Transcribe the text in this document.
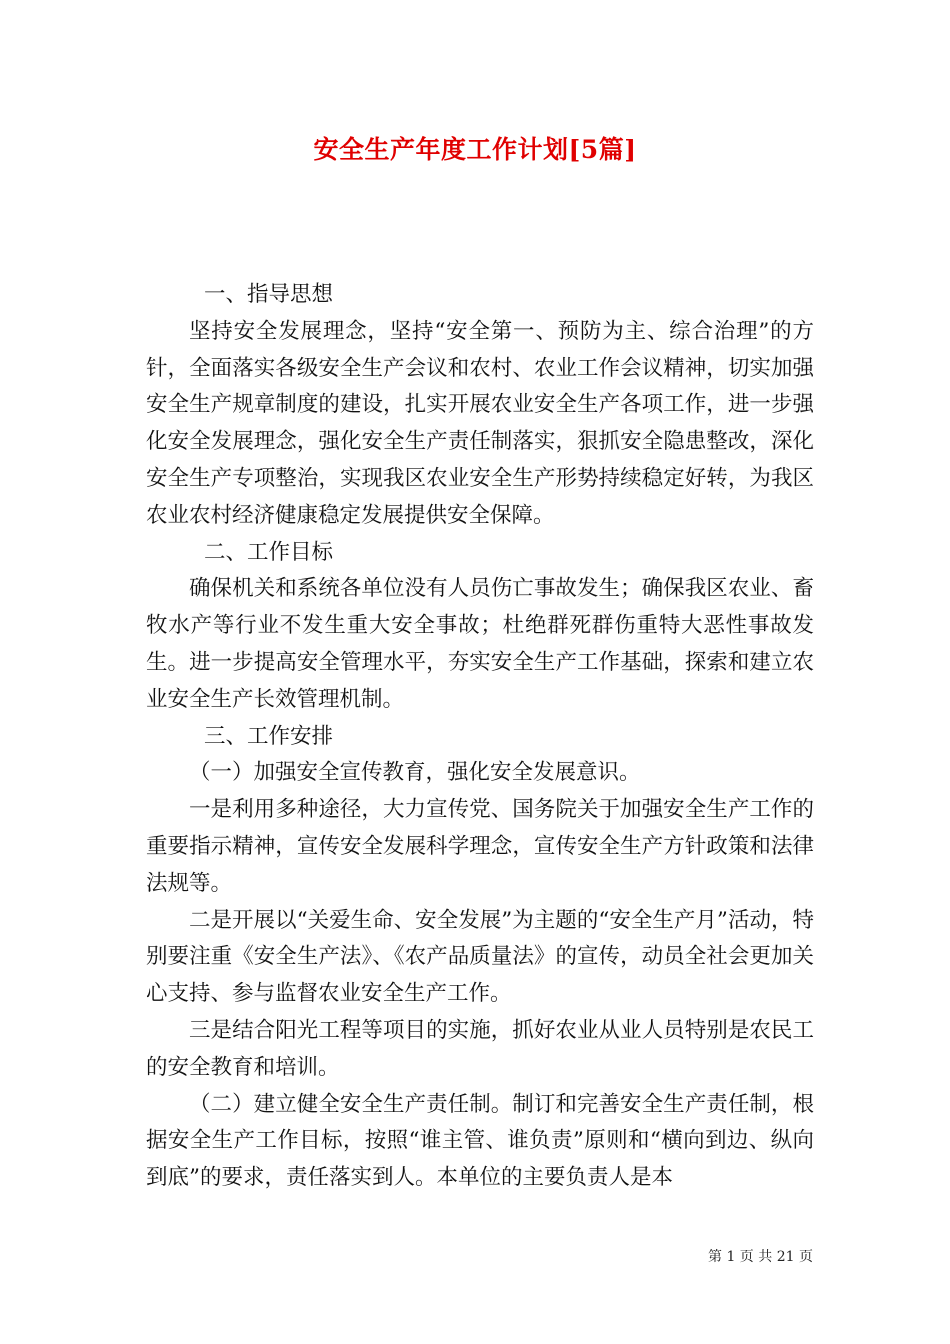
安全生产年度工作计划[5篇]

一、指导思想

坚持安全发展理念，坚持“安全第一、预防为主、综合治理”的方针，全面落实各级安全生产会议和农村、农业工作会议精神，切实加强安全生产规章制度的建设，扎实开展农业安全生产各项工作，进一步强化安全发展理念，强化安全生产责任制落实，狠抓安全隐患整改，深化安全生产专项整治，实现我区农业安全生产形势持续稳定好转，为我区农业农村经济健康稳定发展提供安全保障。

二、工作目标

确保机关和系统各单位没有人员伤亡事故发生；确保我区农业、畜牧水产等行业不发生重大安全事故；杜绝群死群伤重特大恶性事故发生。进一步提高安全管理水平，夯实安全生产工作基础，探索和建立农业安全生产长效管理机制。

三、工作安排

（一）加强安全宣传教育，强化安全发展意识。

一是利用多种途径，大力宣传党、国务院关于加强安全生产工作的重要指示精神，宣传安全发展科学理念，宣传安全生产方针政策和法律法规等。

二是开展以“关爱生命、安全发展”为主题的“安全生产月”活动，特别要注重《安全生产法》、《农产品质量法》的宣传，动员全社会更加关心支持、参与监督农业安全生产工作。

三是结合阳光工程等项目的实施，抓好农业从业人员特别是农民工的安全教育和培训。

（二）建立健全安全生产责任制。制订和完善安全生产责任制，根据安全生产工作目标，按照“谁主管、谁负责”原则和“横向到边、纵向到底”的要求，责任落实到人。本单位的主要负责人是本

第 1 页 共 21 页
